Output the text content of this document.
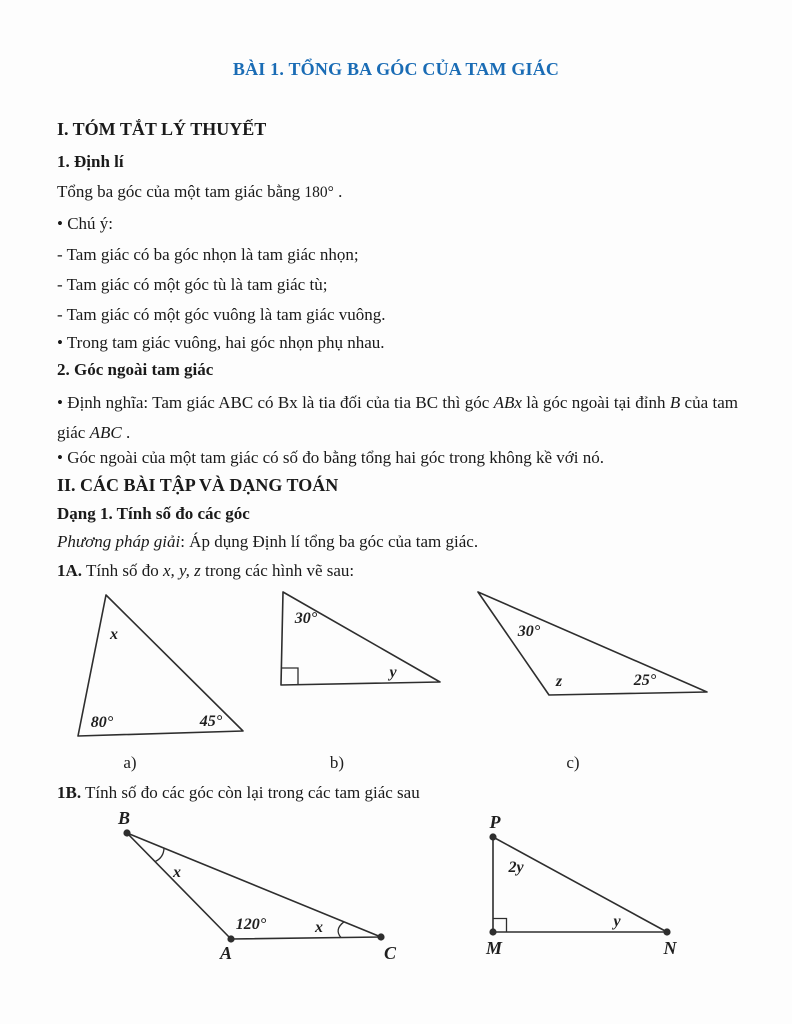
BÀI 1. TỔNG BA GÓC CỦA TAM GIÁC
I. TÓM TẮT LÝ THUYẾT
1. Định lí
Tổng ba góc của một tam giác bằng 180° .
• Chú ý:
- Tam giác có ba góc nhọn là tam giác nhọn;
- Tam giác có một góc tù là tam giác tù;
- Tam giác có một góc vuông là tam giác vuông.
• Trong tam giác vuông, hai góc nhọn phụ nhau.
2. Góc ngoài tam giác
• Định nghĩa: Tam giác ABC có Bx là tia đối của tia BC thì góc ABx là góc ngoài tại đỉnh B của tam giác ABC .
• Góc ngoài của một tam giác có số đo bằng tổng hai góc trong không kề với nó.
II. CÁC BÀI TẬP VÀ DẠNG TOÁN
Dạng 1. Tính số đo các góc
Phương pháp giải: Áp dụng Định lí tổng ba góc của tam giác.
1A. Tính số đo x, y, z trong các hình vẽ sau:
x
80°	45°
a)
30°
y
b)
30°
z	25°
c)
1B. Tính số đo các góc còn lại trong các tam giác sau
B
A	C
x
120°	x
P
M	N
2y
y
